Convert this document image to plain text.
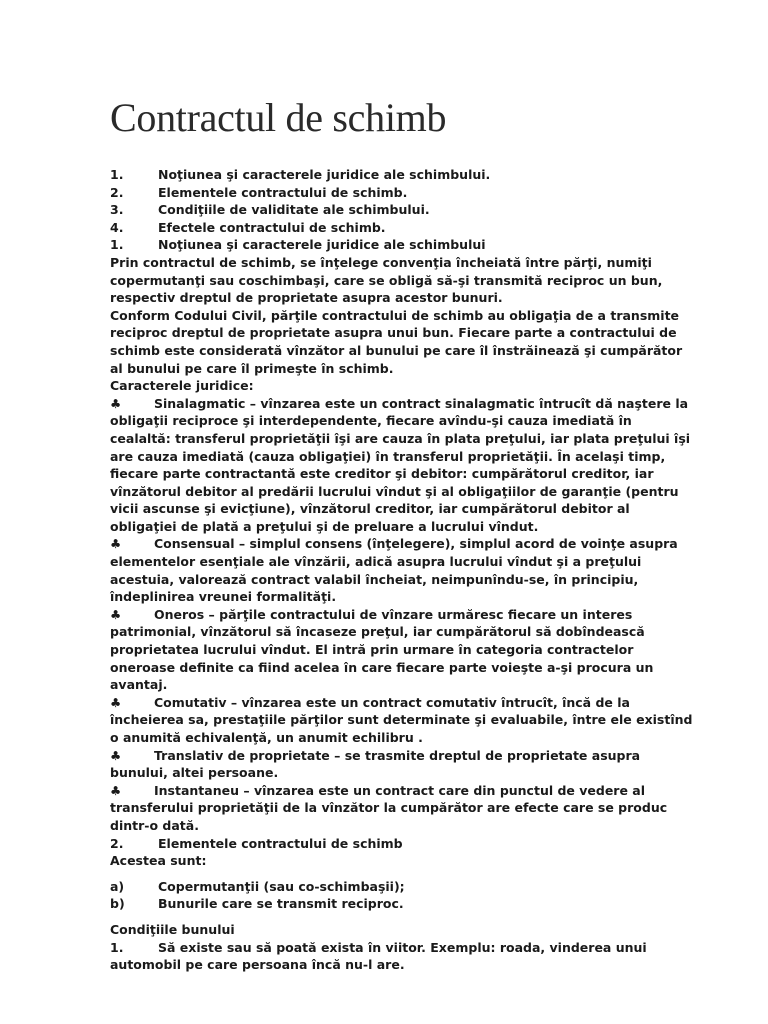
Contractul de schimb
1.	Noţiunea şi caracterele juridice ale schimbului.
2.	Elementele contractului de schimb.
3.	Condiţiile de validitate ale schimbului.
4.	Efectele contractului de schimb.
1.	Noţiunea şi caracterele juridice ale schimbului
Prin contractul de schimb, se înţelege convenţia încheiată între părţi, numiţi
copermutanţi sau coschimbaşi, care se obligă să-şi transmită reciproc un bun,
respectiv dreptul de proprietate asupra acestor bunuri.
Conform Codului Civil, părţile contractului de schimb au obligaţia de a transmite
reciproc dreptul de proprietate asupra unui bun. Fiecare parte a contractului de
schimb este considerată vînzător al bunului pe care îl înstrăinează şi cumpărător
al bunului pe care îl primeşte în schimb.
Caracterele juridice:
♣	Sinalagmatic – vînzarea este un contract sinalagmatic întrucît dă naştere la
obligaţii reciproce şi interdependente, fiecare avîndu-şi cauza imediată în
cealaltă: transferul proprietăţii îşi are cauza în plata preţului, iar plata preţului îşi
are cauza imediată (cauza obligaţiei) în transferul proprietăţii. În acelaşi timp,
fiecare parte contractantă este creditor şi debitor: cumpărătorul creditor, iar
vînzătorul debitor al predării lucrului vîndut şi al obligaţiilor de garanţie (pentru
vicii ascunse şi evicţiune), vînzătorul creditor, iar cumpărătorul debitor al
obligaţiei de plată a preţului şi de preluare a lucrului vîndut.
♣	Consensual – simplul consens (înţelegere), simplul acord de voinţe asupra
elementelor esenţiale ale vînzării, adică asupra lucrului vîndut şi a preţului
acestuia, valorează contract valabil încheiat, neimpunîndu-se, în principiu,
îndeplinirea vreunei formalităţi.
♣	Oneros – părţile contractului de vînzare urmăresc fiecare un interes
patrimonial, vînzătorul să încaseze preţul, iar cumpărătorul să dobîndească
proprietatea lucrului vîndut. El intră prin urmare în categoria contractelor
oneroase definite ca fiind acelea în care fiecare parte voieşte a-şi procura un
avantaj.
♣	Comutativ – vînzarea este un contract comutativ întrucît, încă de la
încheierea sa, prestaţiile părţilor sunt determinate şi evaluabile, între ele existînd
o anumită echivalenţă, un anumit echilibru .
♣	Translativ de proprietate – se trasmite dreptul de proprietate asupra
bunului, altei persoane.
♣	Instantaneu – vînzarea este un contract care din punctul de vedere al
transferului proprietăţii de la vînzător la cumpărător are efecte care se produc
dintr-o dată.
2.	Elementele contractului de schimb
Acestea sunt:
a)	Copermutanţii (sau co-schimbaşii);
b)	Bunurile care se transmit reciproc.
Condiţiile bunului
1.	Să existe sau să poată exista în viitor. Exemplu: roada, vinderea unui
automobil pe care persoana încă nu-l are.
